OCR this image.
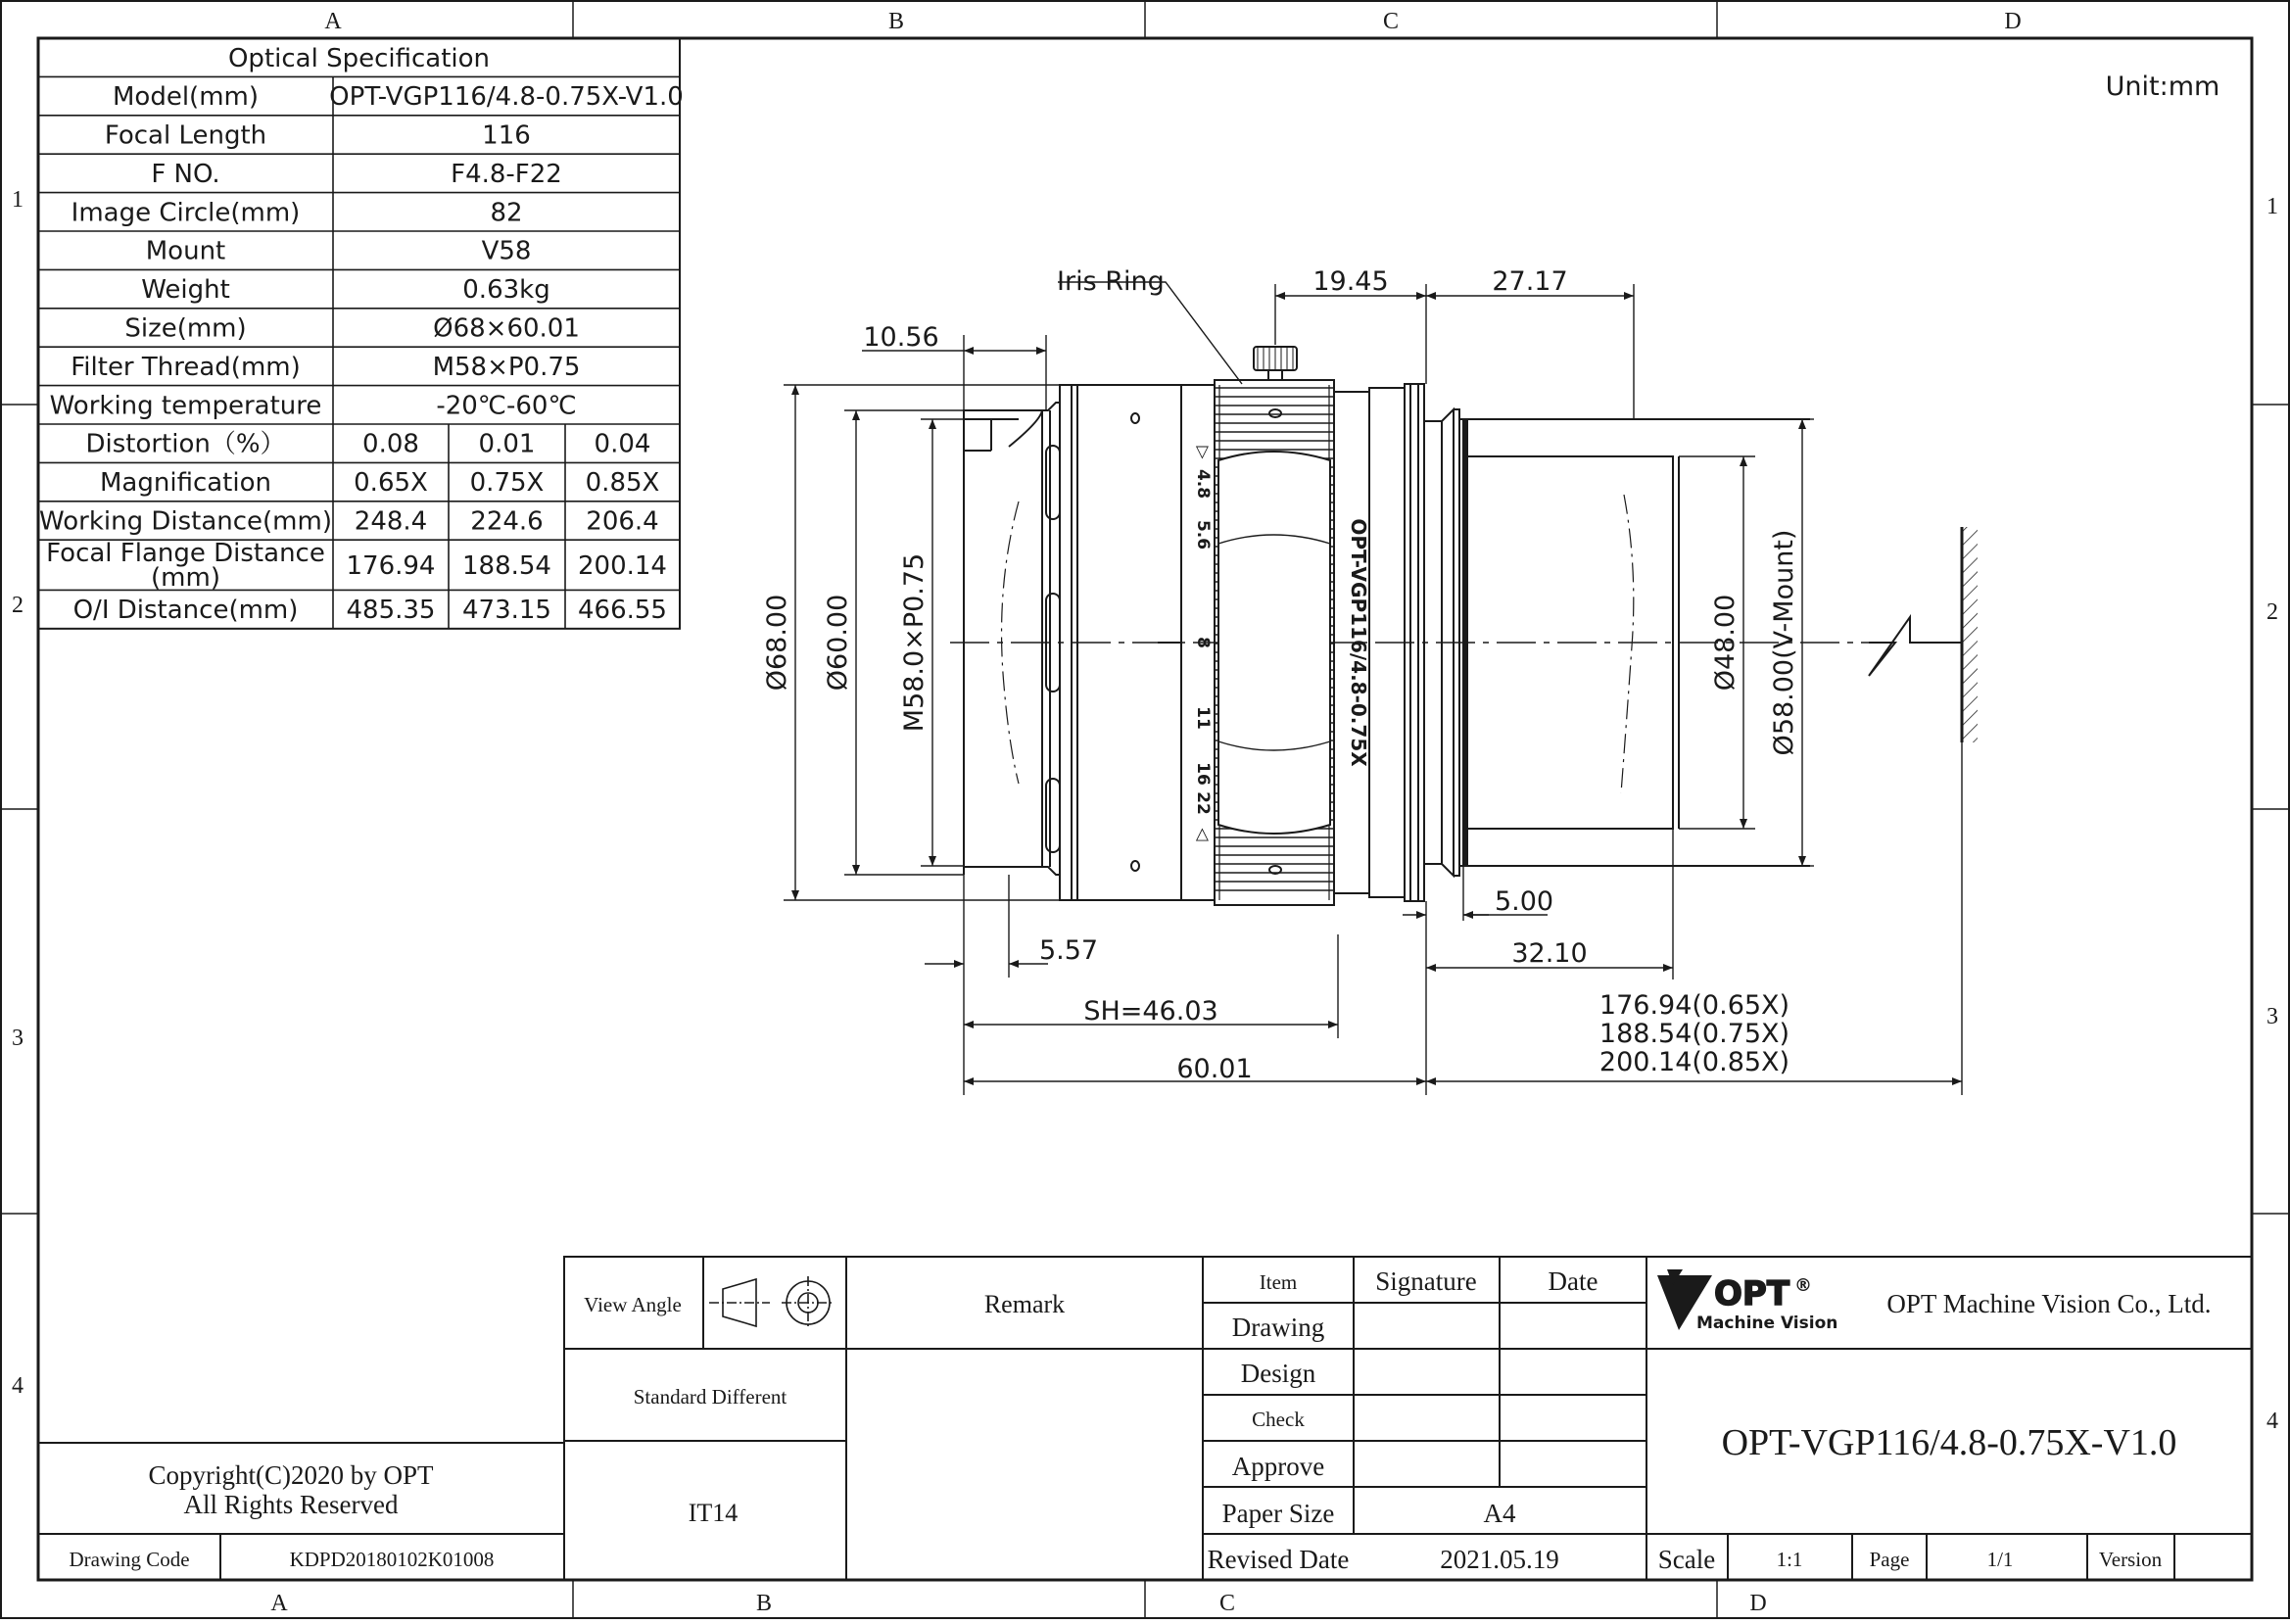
A	B	C	D
A	B	C	D
1
2
3
4
1
2
3
4
Unit:mm
Optical Specification
Model(mm)	OPT-VGP116/4.8-0.75X-V1.0
Focal Length	116
F NO.	F4.8-F22
Image Circle(mm)	82
Mount	V58
Weight	0.63kg
Size(mm)	Ø68×60.01
Filter Thread(mm)	M58×P0.75
Working temperature	-20℃-60℃
Distortion（%）	0.08 0.01 0.04
Magnification	0.65X 0.75X 0.85X
Working Distance(mm) 248.4 224.6 206.4
Focal Flange Distance
(mm)	176.94 188.54 200.14
O/I Distance(mm) 485.35 473.15 466.55
▷
4.8
5.6
8
11
16
22
◁
OPT-VGP116/4.8-0.75X
Iris Ring	19.45	27.17
10.56
Ø68.00 Ø60.00 M58.0×P0.75	Ø48.00 Ø58.00(V-Mount)
5.00
32.10
5.57
SH=46.03
60.01
176.94(0.65X)
188.54(0.75X)
200.14(0.85X)
OPT ®
Machine Vision
View Angle	Remark
Standard Different
IT14
Item	Signature	Date
Drawing
Design
Check
Approve
Paper Size	A4
Revised Date	2021.05.19	Scale	1:1	Page	1/1	Version
OPT Machine Vision Co., Ltd.
OPT-VGP116/4.8-0.75X-V1.0
Copyright(C)2020 by OPT
All Rights Reserved
Drawing Code	KDPD20180102K01008
